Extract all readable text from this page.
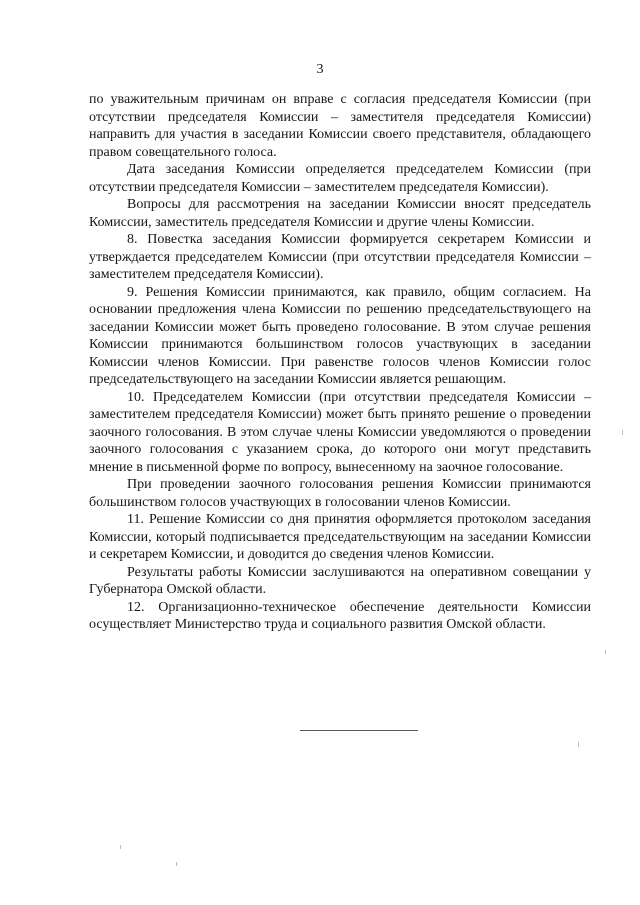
3

по уважительным причинам он вправе с согласия председателя Комиссии (при отсутствии председателя Комиссии – заместителя председателя Комиссии) направить для участия в заседании Комиссии своего представителя, обладающего правом совещательного голоса.

Дата заседания Комиссии определяется председателем Комиссии (при отсутствии председателя Комиссии – заместителем председателя Комиссии).

Вопросы для рассмотрения на заседании Комиссии вносят председатель Комиссии, заместитель председателя Комиссии и другие члены Комиссии.

8. Повестка заседания Комиссии формируется секретарем Комиссии и утверждается председателем Комиссии (при отсутствии председателя Комиссии – заместителем председателя Комиссии).

9. Решения Комиссии принимаются, как правило, общим согласием. На основании предложения члена Комиссии по решению председательствующего на заседании Комиссии может быть проведено голосование. В этом случае решения Комиссии принимаются большинством голосов участвующих в заседании Комиссии членов Комиссии. При равенстве голосов членов Комиссии голос председательствующего на заседании Комиссии является решающим.

10. Председателем Комиссии (при отсутствии председателя Комиссии – заместителем председателя Комиссии) может быть принято решение о проведении заочного голосования. В этом случае члены Комиссии уведомляются о проведении заочного голосования с указанием срока, до которого они могут представить мнение в письменной форме по вопросу, вынесенному на заочное голосование.

При проведении заочного голосования решения Комиссии принимаются большинством голосов участвующих в голосовании членов Комиссии.

11. Решение Комиссии со дня принятия оформляется протоколом заседания Комиссии, который подписывается председательствующим на заседании Комиссии и секретарем Комиссии, и доводится до сведения членов Комиссии.

Результаты работы Комиссии заслушиваются на оперативном совещании у Губернатора Омской области.

12. Организационно-техническое обеспечение деятельности Комиссии осуществляет Министерство труда и социального развития Омской области.
